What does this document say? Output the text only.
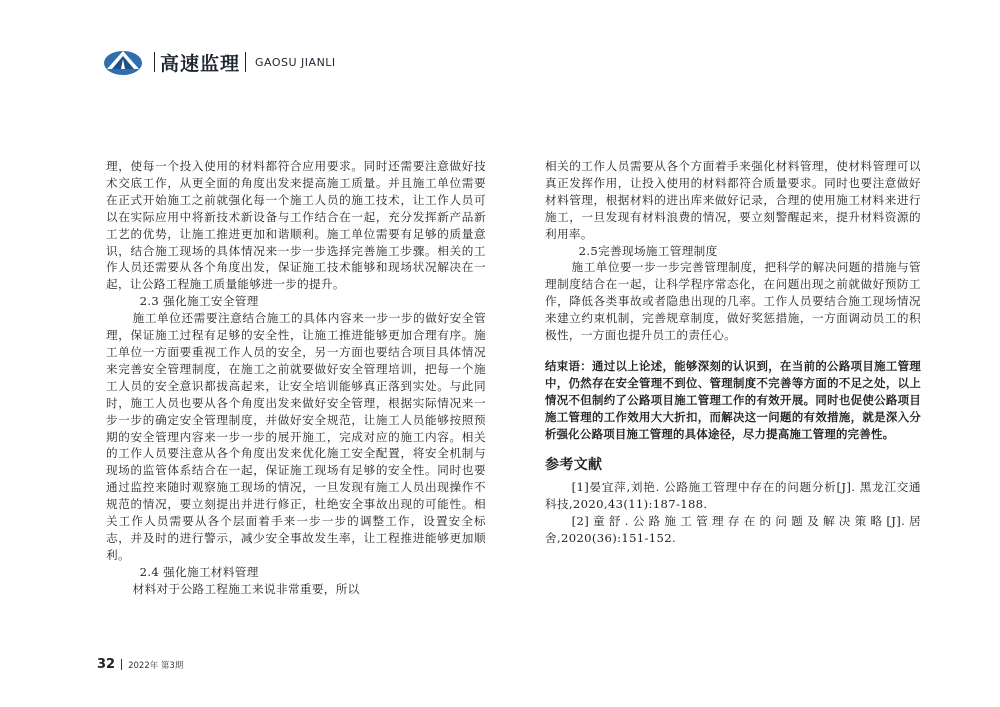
高速监理 GAOSU JIANLI

理，使每一个投入使用的材料都符合应用要求。同时还需要注意做好技术交底工作，从更全面的角度出发来提高施工质量。并且施工单位需要在正式开始施工之前就强化每一个施工人员的施工技术，让工作人员可以在实际应用中将新技术新设备与工作结合在一起，充分发挥新产品新工艺的优势，让施工推进更加和谐顺利。施工单位需要有足够的质量意识，结合施工现场的具体情况来一步一步选择完善施工步骤。相关的工作人员还需要从各个角度出发，保证施工技术能够和现场状况解决在一起，让公路工程施工质量能够进一步的提升。

2.3 强化施工安全管理

施工单位还需要注意结合施工的具体内容来一步一步的做好安全管理，保证施工过程有足够的安全性，让施工推进能够更加合理有序。施工单位一方面要重视工作人员的安全，另一方面也要结合项目具体情况来完善安全管理制度，在施工之前就要做好安全管理培训，把每一个施工人员的安全意识都拔高起来，让安全培训能够真正落到实处。与此同时，施工人员也要从各个角度出发来做好安全管理，根据实际情况来一步一步的确定安全管理制度，并做好安全规范，让施工人员能够按照预期的安全管理内容来一步一步的展开施工，完成对应的施工内容。相关的工作人员要注意从各个角度出发来优化施工安全配置，将安全机制与现场的监管体系结合在一起，保证施工现场有足够的安全性。同时也要通过监控来随时观察施工现场的情况，一旦发现有施工人员出现操作不规范的情况，要立刻提出并进行修正，杜绝安全事故出现的可能性。相关工作人员需要从各个层面着手来一步一步的调整工作，设置安全标志，并及时的进行警示，减少安全事故发生率，让工程推进能够更加顺利。

2.4 强化施工材料管理

材料对于公路工程施工来说非常重要，所以

相关的工作人员需要从各个方面着手来强化材料管理，使材料管理可以真正发挥作用，让投入使用的材料都符合质量要求。同时也要注意做好材料管理，根据材料的进出库来做好记录，合理的使用施工材料来进行施工，一旦发现有材料浪费的情况，要立刻警醒起来，提升材料资源的利用率。

2.5完善现场施工管理制度

施工单位要一步一步完善管理制度，把科学的解决问题的措施与管理制度结合在一起，让科学程序常态化，在问题出现之前就做好预防工作，降低各类事故或者隐患出现的几率。工作人员要结合施工现场情况来建立约束机制，完善规章制度，做好奖惩措施，一方面调动员工的积极性，一方面也提升员工的责任心。

结束语：通过以上论述，能够深刻的认识到，在当前的公路项目施工管理中，仍然存在安全管理不到位、管理制度不完善等方面的不足之处，以上情况不但制约了公路项目施工管理工作的有效开展。同时也促使公路项目施工管理的工作效用大大折扣，而解决这一问题的有效措施，就是深入分析强化公路项目施工管理的具体途径，尽力提高施工管理的完善性。

参考文献

[1]晏宜萍,刘艳. 公路施工管理中存在的问题分析[J]. 黑龙江交通科技,2020,43(11):187-188.

[2]童舒.公路施工管理存在的问题及解决策略[J].居舍,2020(36):151-152.

32 2022年 第3期
